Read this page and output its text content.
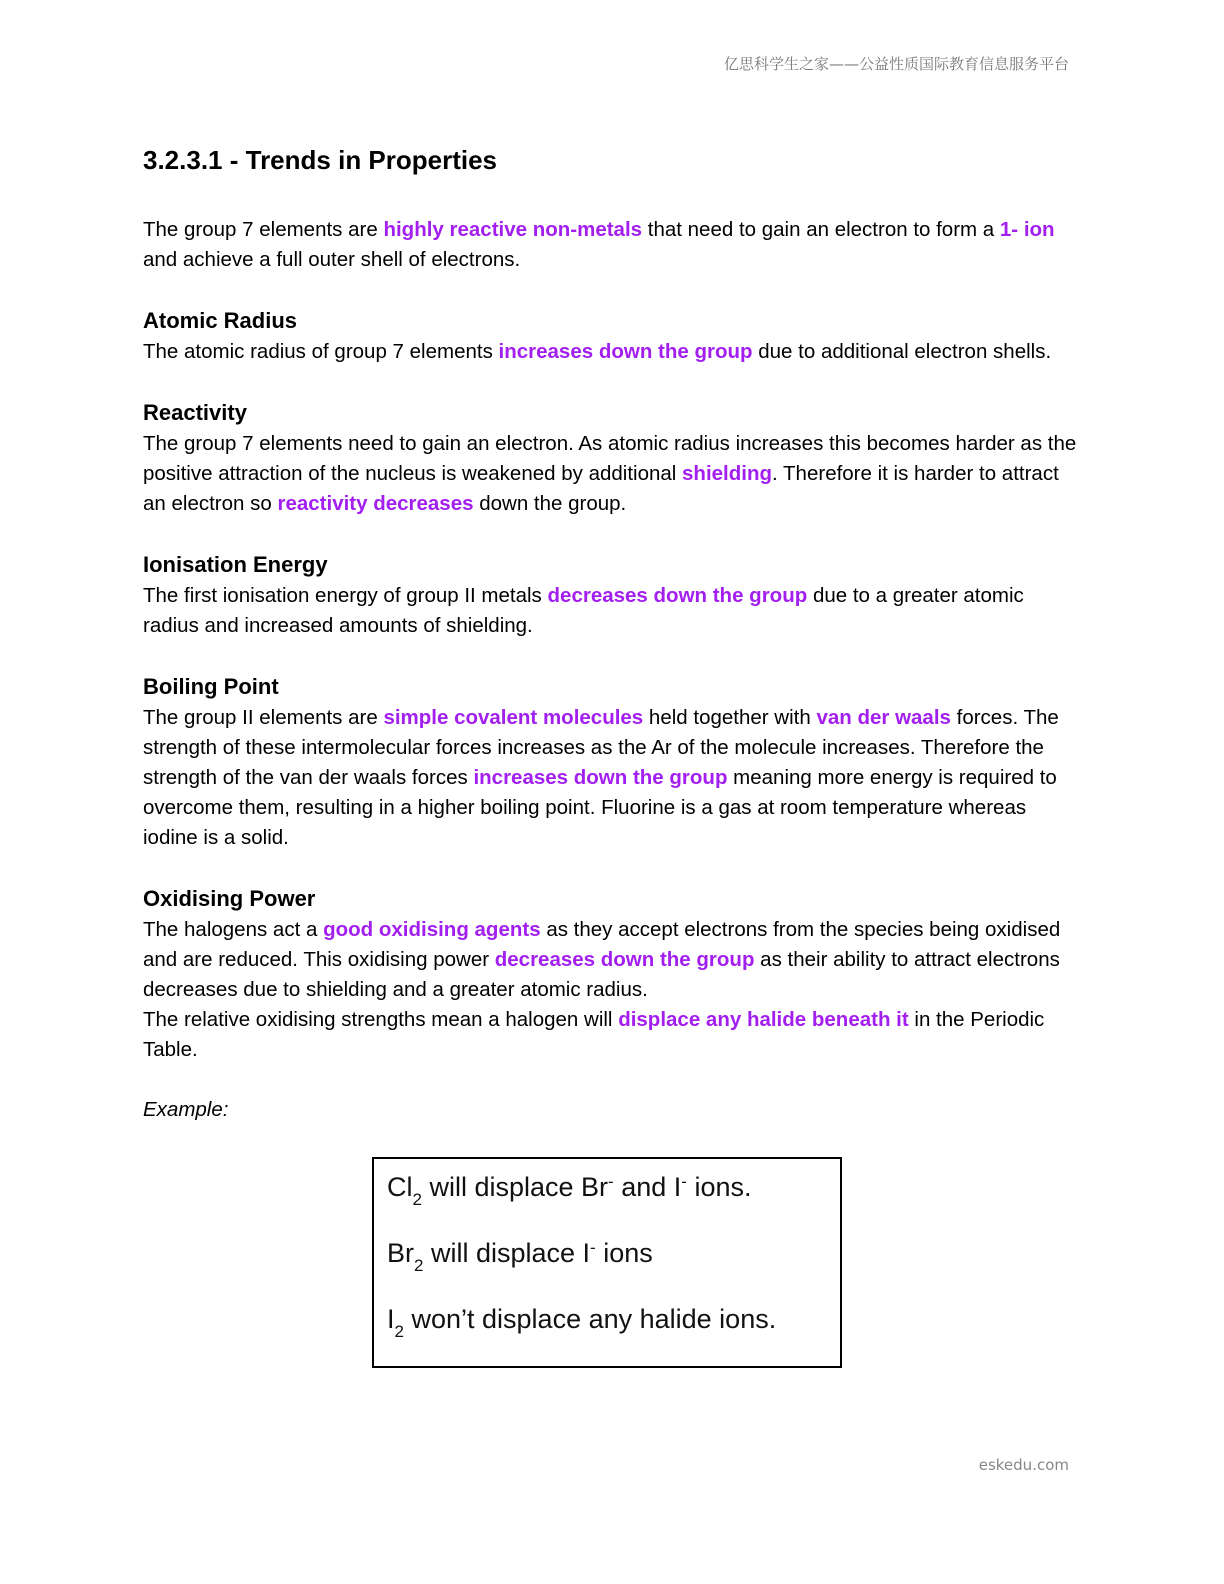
亿思科学生之家——公益性质国际教育信息服务平台
3.2.3.1 - Trends in Properties

The group 7 elements are highly reactive non-metals that need to gain an electron to form a 1- ion and achieve a full outer shell of electrons.

Atomic Radius

The atomic radius of group 7 elements increases down the group due to additional electron shells.

Reactivity

The group 7 elements need to gain an electron. As atomic radius increases this becomes harder as the positive attraction of the nucleus is weakened by additional shielding. Therefore it is harder to attract an electron so reactivity decreases down the group.

Ionisation Energy

The first ionisation energy of group II metals decreases down the group due to a greater atomic radius and increased amounts of shielding.

Boiling Point

The group II elements are simple covalent molecules held together with van der waals forces. The strength of these intermolecular forces increases as the Ar of the molecule increases. Therefore the strength of the van der waals forces increases down the group meaning more energy is required to overcome them, resulting in a higher boiling point. Fluorine is a gas at room temperature whereas iodine is a solid.

Oxidising Power

The halogens act a good oxidising agents as they accept electrons from the species being oxidised and are reduced. This oxidising power decreases down the group as their ability to attract electrons decreases due to shielding and a greater atomic radius.

The relative oxidising strengths mean a halogen will displace any halide beneath it in the Periodic Table.

Example:

$Cl_2$ will displace Br- and I- ions.
$Br_2$ will displace I- ions
$I_2$ won’t displace any halide ions.
eskedu.com
